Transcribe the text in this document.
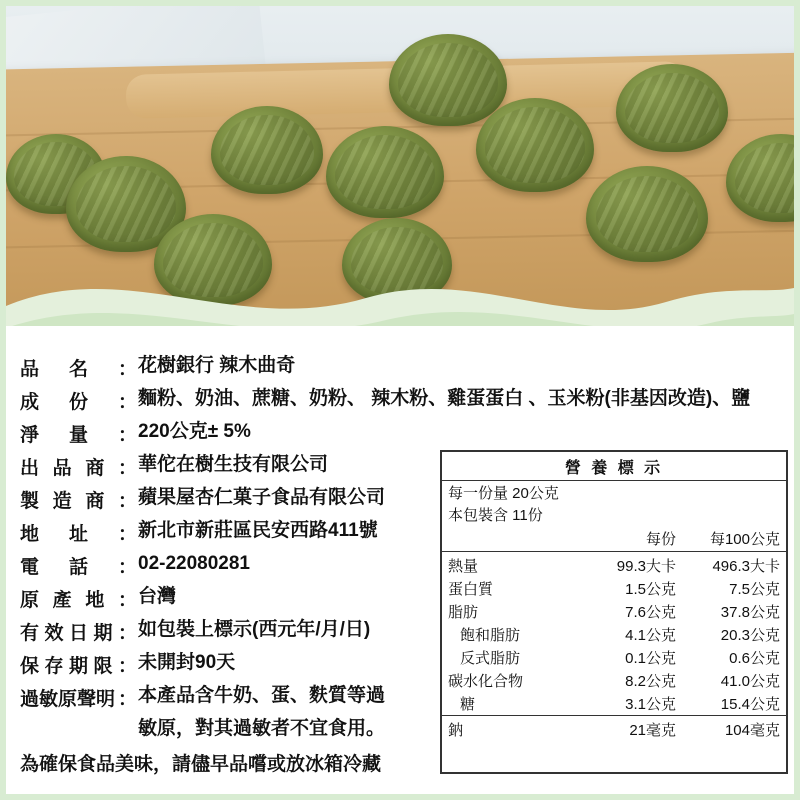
品 名 ： 花樹銀行 辣木曲奇
成 份 ： 麵粉、奶油、蔗糖、奶粉、 辣木粉、雞蛋蛋白 、玉米粉(非基因改造)、鹽
淨 量 ： 220公克± 5%
出 品 商 ： 華佗在樹生技有限公司
製 造 商 ： 蘋果屋杏仁菓子食品有限公司
地 址 ： 新北市新莊區民安西路411號
電 話 ： 02-22080281
原 產 地 ： 台灣
有 效 日 期 ： 如包裝上標示(西元年/月/日)
保 存 期 限 ： 未開封90天
過敏原聲明 ： 本產品含牛奶、蛋、麩質等過
敏原，對其過敏者不宜食用。
為確保食品美味，請儘早品嚐或放冰箱冷藏
營 養 標 示
每一份量 20公克
本包裝含 11份
	每份	每100公克

熱量	99.3大卡	496.3大卡
蛋白質	1.5公克	7.5公克
脂肪	7.6公克	37.8公克
飽和脂肪	4.1公克	20.3公克
反式脂肪	0.1公克	0.6公克
碳水化合物	8.2公克	41.0公克
糖	3.1公克	15.4公克

鈉	21毫克	104毫克
